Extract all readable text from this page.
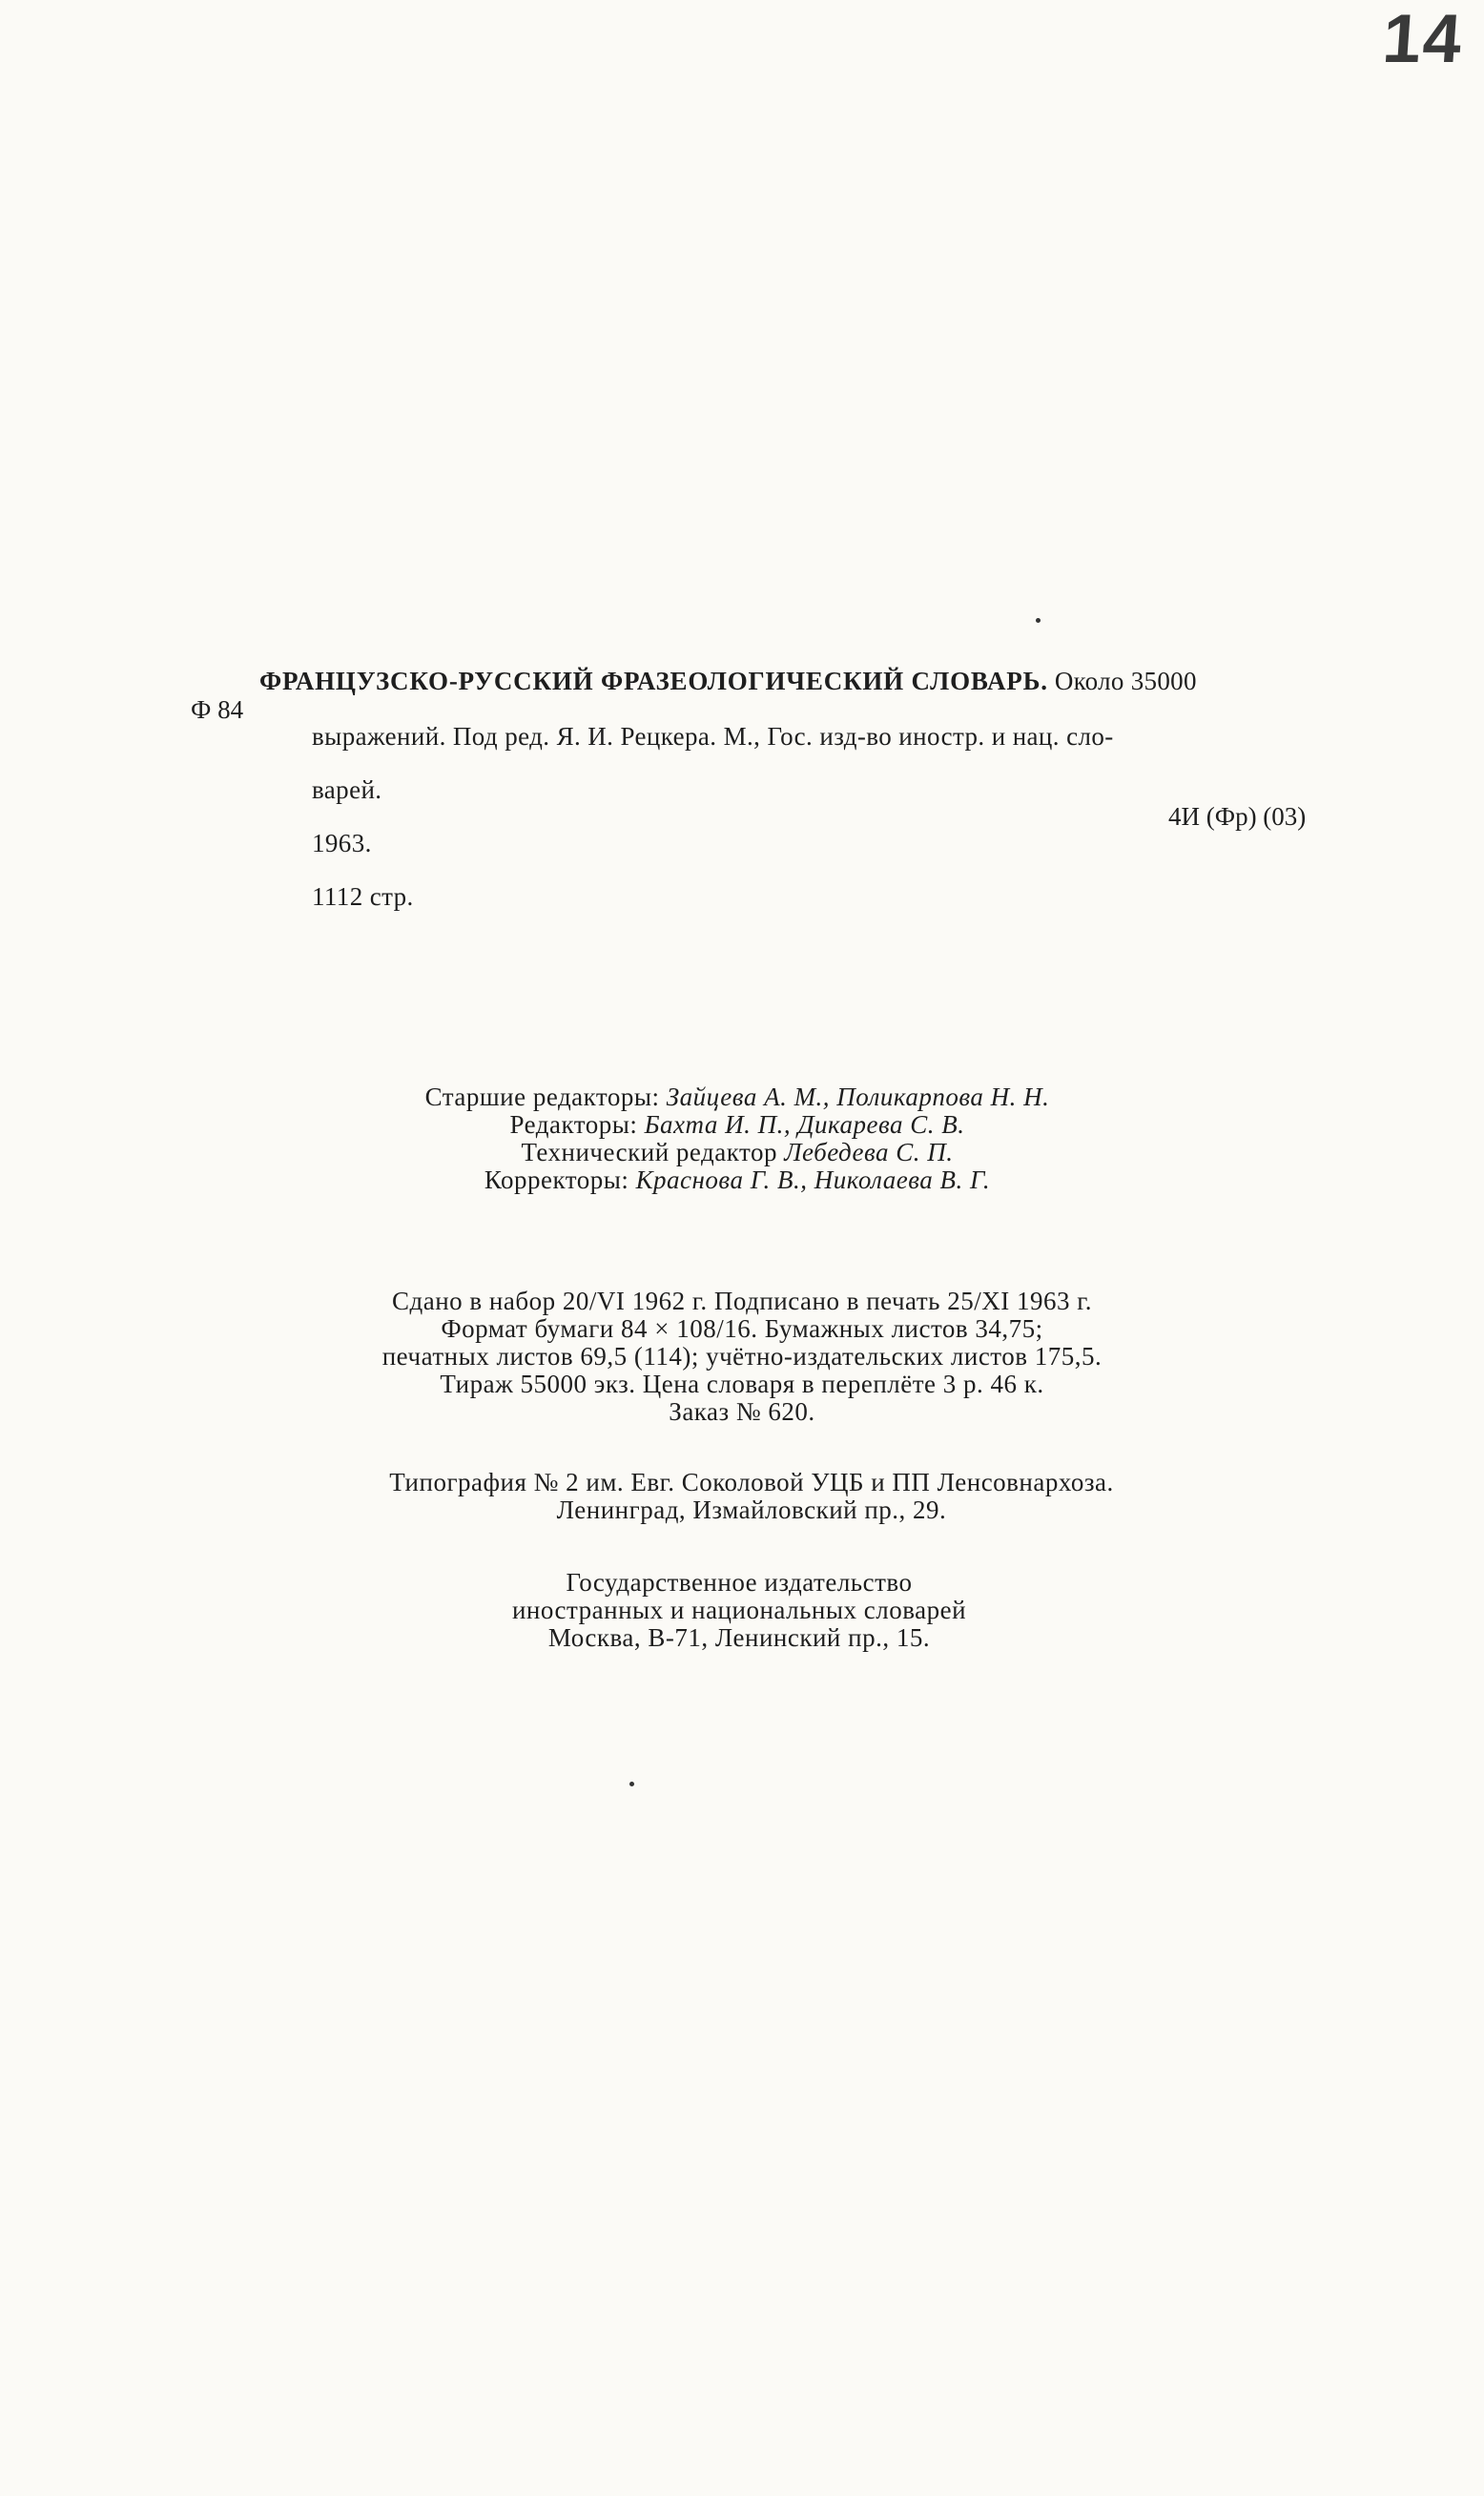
14
ФРАНЦУЗСКО-РУССКИЙ ФРАЗЕОЛОГИЧЕСКИЙ СЛОВАРЬ. Около 35000
Ф 84

выражений. Под ред. Я. И. Рецкера. М., Гос. изд-во иностр. и нац. сло-

варей.

1963.

1112 стр.

4И (Фр) (03)
Старшие редакторы: Зайцева А. М., Поликарпова Н. Н.
Редакторы: Бахта И. П., Дикарева С. В.
Технический редактор Лебедева С. П.
Корректоры: Краснова Г. В., Николаева В. Г.
Сдано в набор 20/VI 1962 г. Подписано в печать 25/XI 1963 г.
Формат бумаги 84 × 108/16. Бумажных листов 34,75;
печатных листов 69,5 (114); учётно-издательских листов 175,5.
Тираж 55000 экз. Цена словаря в переплёте 3 р. 46 к.
Заказ № 620.
Типография № 2 им. Евг. Соколовой УЦБ и ПП Ленсовнархоза.
Ленинград, Измайловский пр., 29.
Государственное издательство
иностранных и национальных словарей
Москва, В-71, Ленинский пр., 15.
